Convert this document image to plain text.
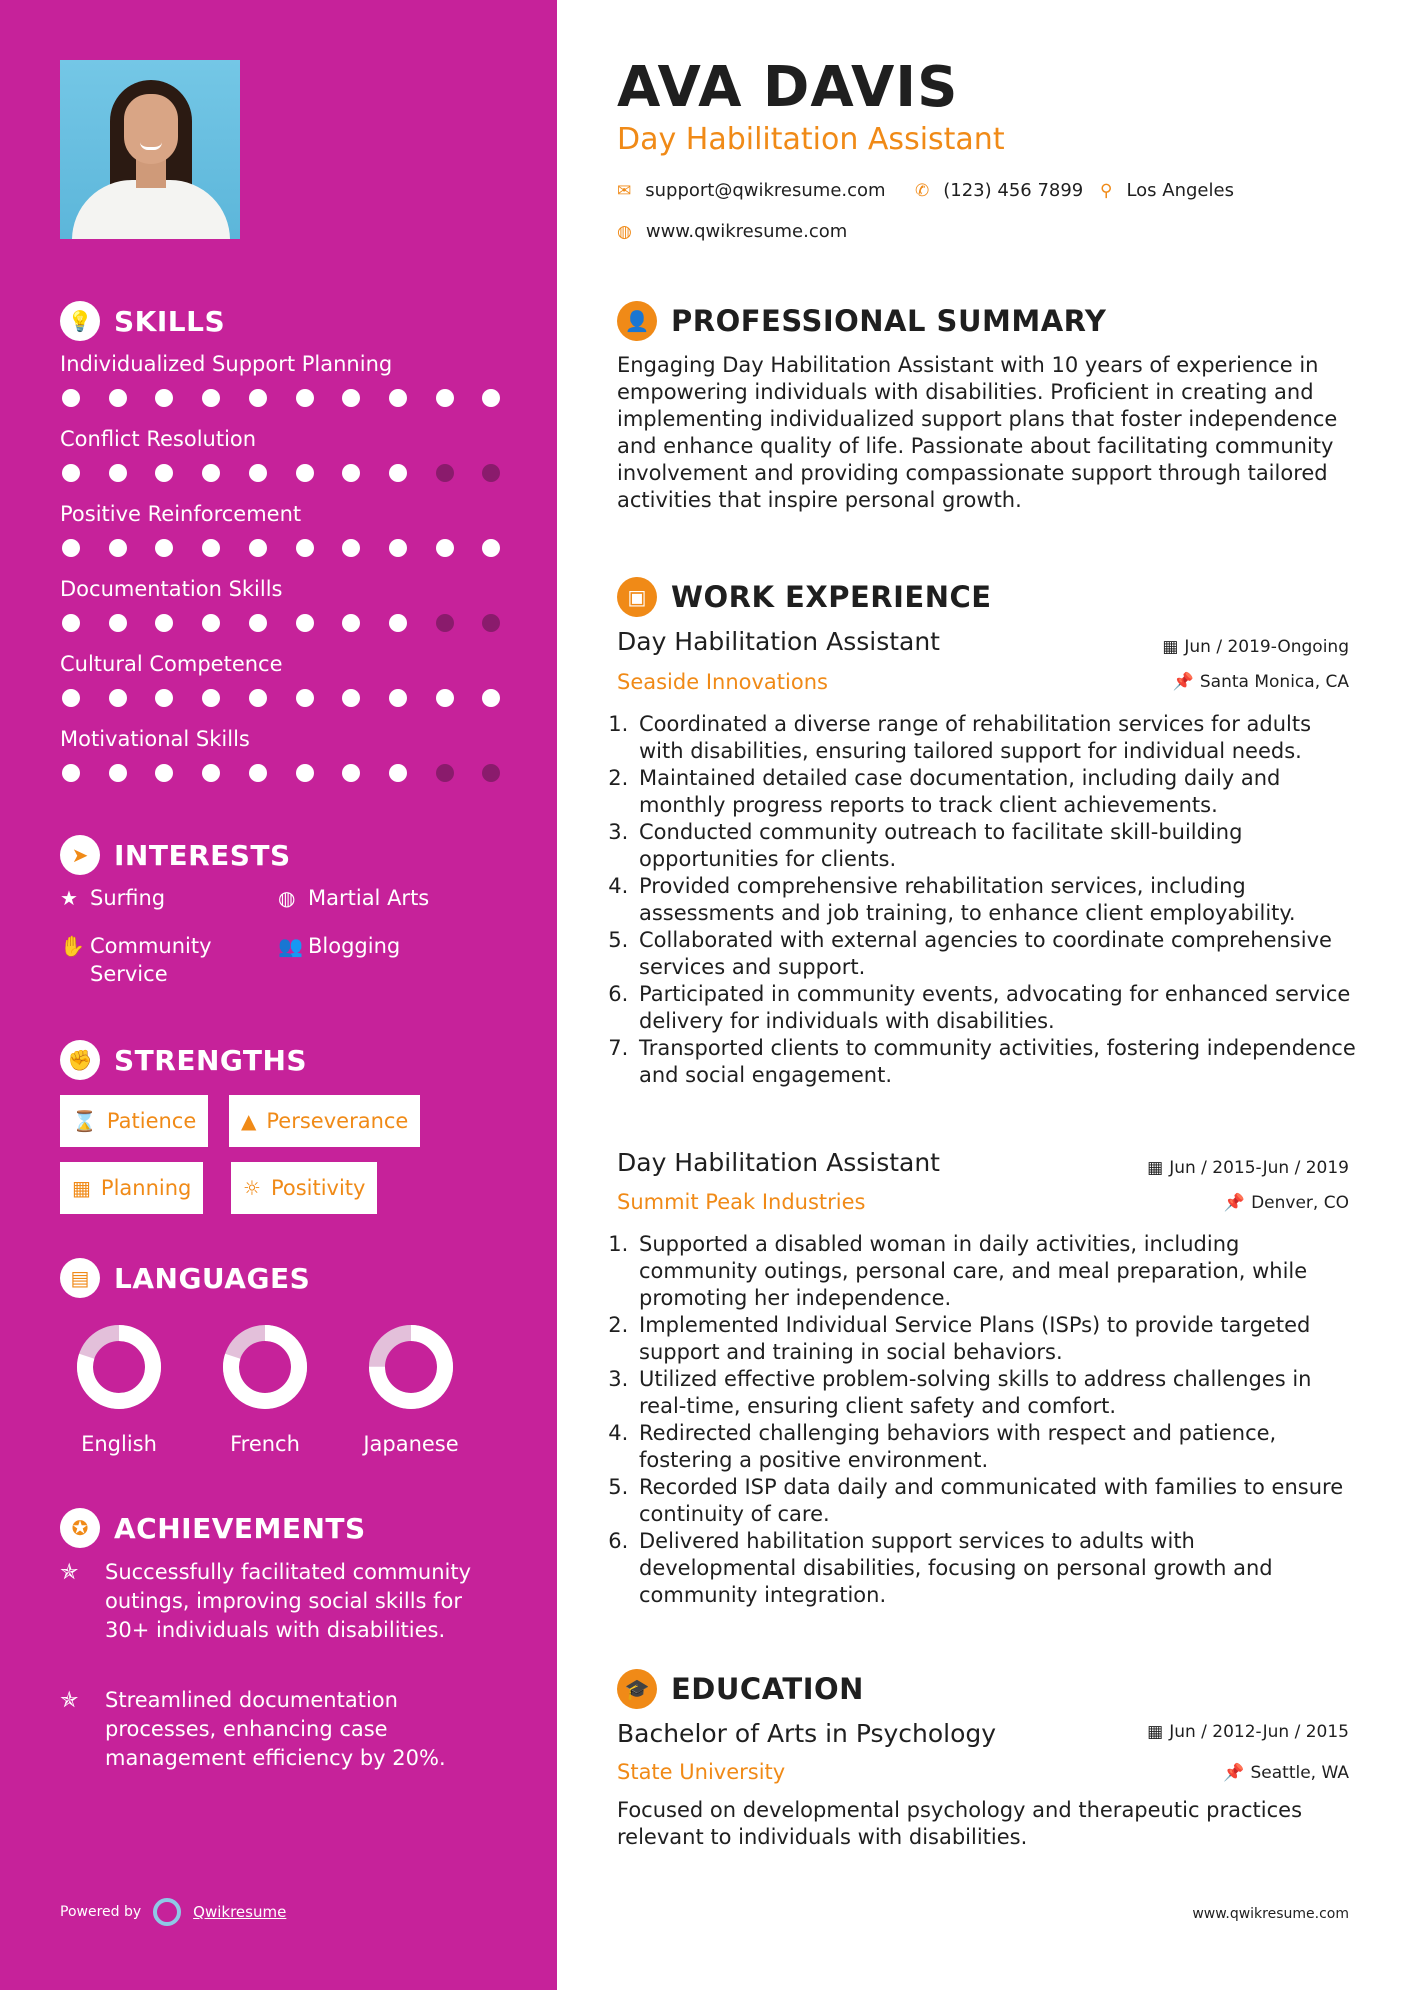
💡 SKILLS
Individualized Support Planning
Conflict Resolution
Positive Reinforcement
Documentation Skills
Cultural Competence
Motivational Skills
➤ INTERESTS
★ Surfing	◍ Martial Arts
✋ Community Service
👥 Blogging
✊ STRENGTHS
⌛ Patience ▲ Perseverance
▦ Planning	☼ Positivity
▤ LANGUAGES
English	French	Japanese
✪ ACHIEVEMENTS
✯	Successfully facilitated community outings, improving social skills for 30+ individuals with disabilities.
✯	Streamlined documentation processes, enhancing case management efficiency by 20%.
Powered by	Qwikresume
AVA DAVIS
Day Habilitation Assistant
✉ support@qwikresume.com ✆ (123) 456 7899 ⚲ Los Angeles
◍ www.qwikresume.com
👤 PROFESSIONAL SUMMARY
Engaging Day Habilitation Assistant with 10 years of experience in empowering individuals with disabilities. Proficient in creating and implementing individualized support plans that foster independence and enhance quality of life. Passionate about facilitating community involvement and providing compassionate support through tailored activities that inspire personal growth.
▣ WORK EXPERIENCE
Day Habilitation Assistant	▦ Jun / 2019-Ongoing
Seaside Innovations	📌 Santa Monica, CA
1. Coordinated a diverse range of rehabilitation services for adults with disabilities, ensuring tailored support for individual needs.
2. Maintained detailed case documentation, including daily and monthly progress reports to track client achievements.
3. Conducted community outreach to facilitate skill-building opportunities for clients.
4. Provided comprehensive rehabilitation services, including assessments and job training, to enhance client employability.
5. Collaborated with external agencies to coordinate comprehensive services and support.
6. Participated in community events, advocating for enhanced service delivery for individuals with disabilities.
7. Transported clients to community activities, fostering independence and social engagement.
Day Habilitation Assistant	▦ Jun / 2015-Jun / 2019
Summit Peak Industries	📌 Denver, CO
1. Supported a disabled woman in daily activities, including community outings, personal care, and meal preparation, while promoting her independence.
2. Implemented Individual Service Plans (ISPs) to provide targeted support and training in social behaviors.
3. Utilized effective problem-solving skills to address challenges in real-time, ensuring client safety and comfort.
4. Redirected challenging behaviors with respect and patience, fostering a positive environment.
5. Recorded ISP data daily and communicated with families to ensure continuity of care.
6. Delivered habilitation support services to adults with developmental disabilities, focusing on personal growth and community integration.
🎓 EDUCATION
Bachelor of Arts in Psychology	▦ Jun / 2012-Jun / 2015
State University	📌 Seattle, WA
Focused on developmental psychology and therapeutic practices relevant to individuals with disabilities.
www.qwikresume.com
